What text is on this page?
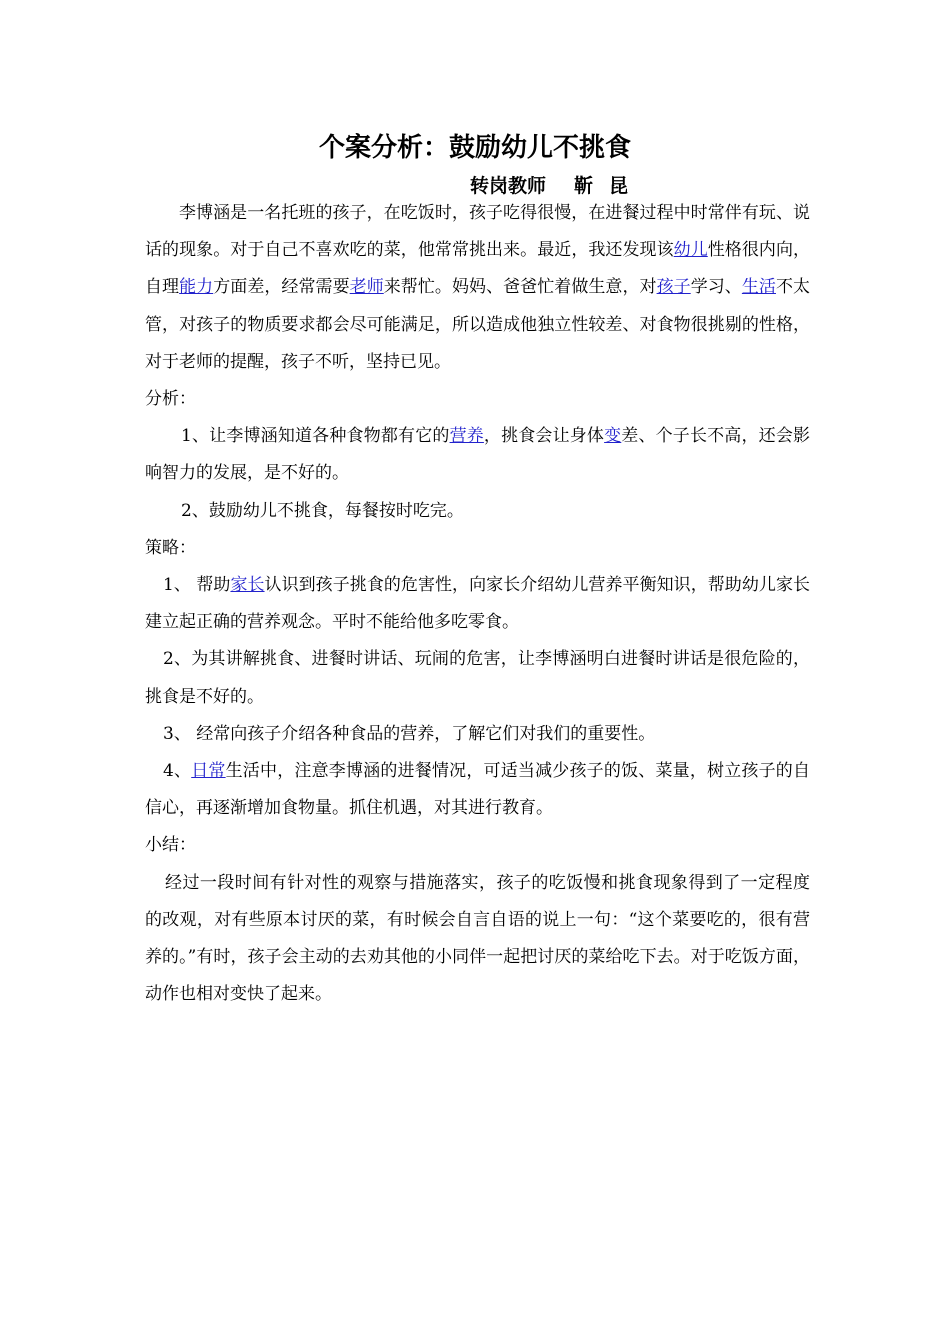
个案分析：鼓励幼儿不挑食
转岗教师 靳 昆

李博涵是一名托班的孩子，在吃饭时，孩子吃得很慢，在进餐过程中时常伴有玩、说话的现象。对于自己不喜欢吃的菜，他常常挑出来。最近，我还发现该幼儿性格很内向，自理能力方面差，经常需要老师来帮忙。妈妈、爸爸忙着做生意，对孩子学习、生活不太管，对孩子的物质要求都会尽可能满足，所以造成他独立性较差、对食物很挑剔的性格，对于老师的提醒，孩子不听，坚持已见。

分析：

1、让李博涵知道各种食物都有它的营养，挑食会让身体变差、个子长不高，还会影响智力的发展，是不好的。

2、鼓励幼儿不挑食，每餐按时吃完。

策略：

1、 帮助家长认识到孩子挑食的危害性，向家长介绍幼儿营养平衡知识，帮助幼儿家长建立起正确的营养观念。平时不能给他多吃零食。

2、为其讲解挑食、进餐时讲话、玩闹的危害，让李博涵明白进餐时讲话是很危险的，挑食是不好的。

3、 经常向孩子介绍各种食品的营养，了解它们对我们的重要性。

4、日常生活中，注意李博涵的进餐情况，可适当减少孩子的饭、菜量，树立孩子的自信心，再逐渐增加食物量。抓住机遇，对其进行教育。

小结：

经过一段时间有针对性的观察与措施落实，孩子的吃饭慢和挑食现象得到了一定程度的改观，对有些原本讨厌的菜，有时候会自言自语的说上一句：“这个菜要吃的，很有营养的。”有时，孩子会主动的去劝其他的小同伴一起把讨厌的菜给吃下去。对于吃饭方面，动作也相对变快了起来。
